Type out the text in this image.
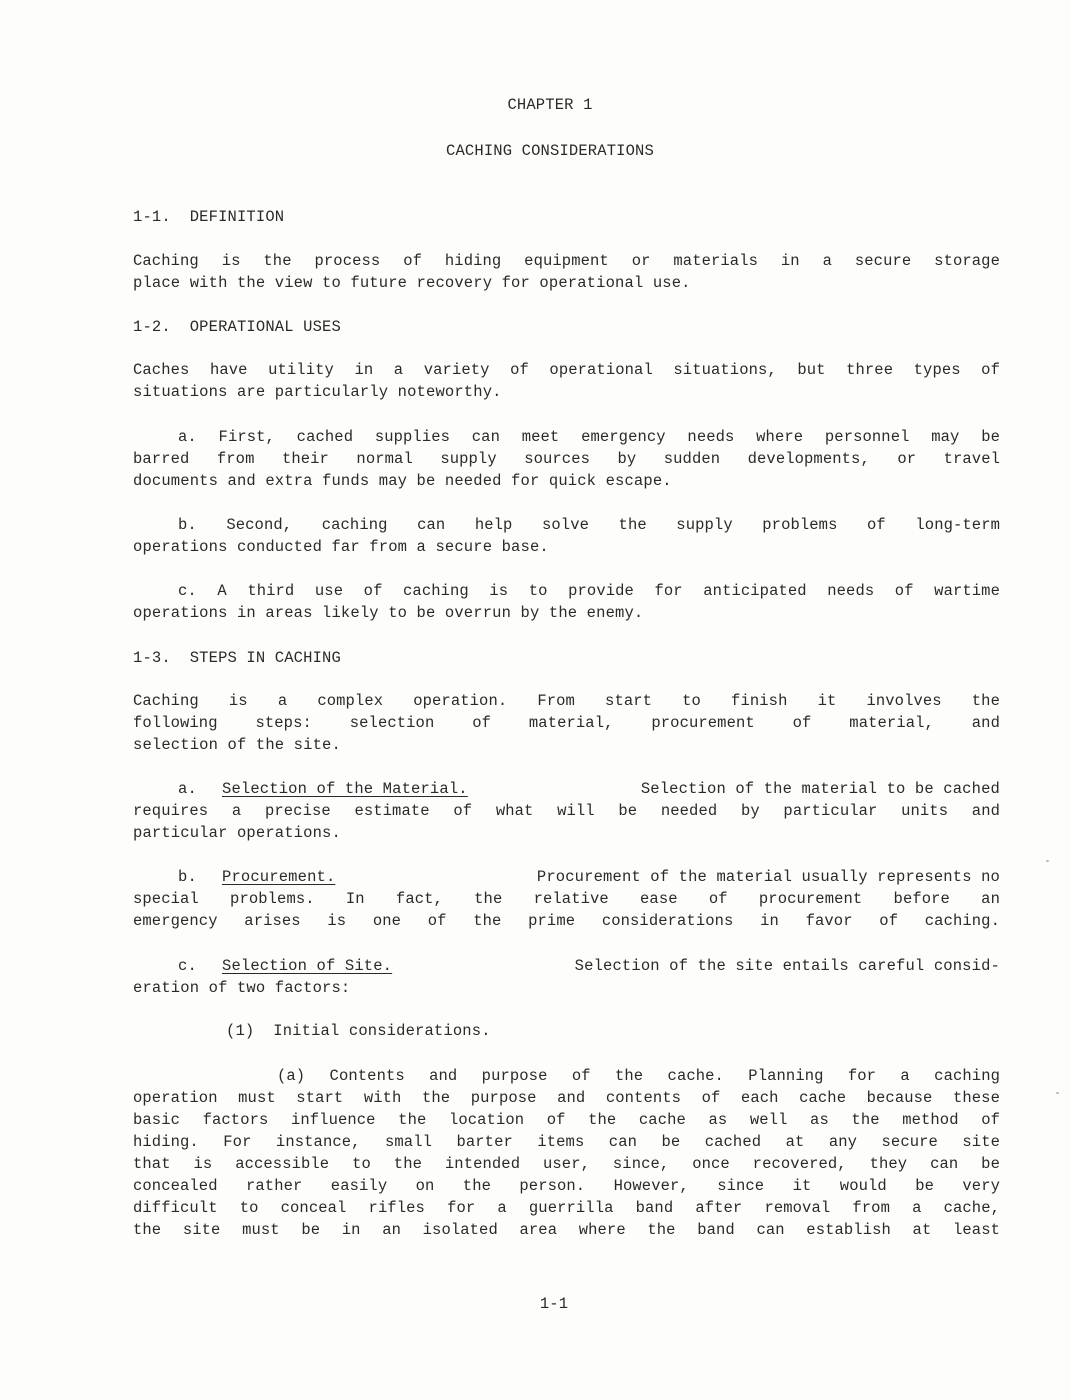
CHAPTER 1
CACHING CONSIDERATIONS
1-1.  DEFINITION
Caching is the process of hiding equipment or materials in a secure storage
place with the view to future recovery for operational use.
1-2.  OPERATIONAL USES
Caches have utility in a variety of operational situations, but three types of
situations are particularly noteworthy.
a. First, cached supplies can meet emergency needs where personnel may be
barred from their normal supply sources by sudden developments, or travel
documents and extra funds may be needed for quick escape.
b. Second, caching can help solve the supply problems of long-term
operations conducted far from a secure base.
c. A third use of caching is to provide for anticipated needs of wartime
operations in areas likely to be overrun by the enemy.
1-3.  STEPS IN CACHING
Caching is a complex operation. From start to finish it involves the
following steps: selection of material, procurement of material, and
selection of the site.
a. Selection of the Material.	Selection of the material to be cached
requires a precise estimate of what will be needed by particular units and
particular operations.
b. Procurement.	Procurement of the material usually represents no
special problems. In fact, the relative ease of procurement before an
emergency arises is one of the prime considerations in favor of caching.
c. Selection of Site.	Selection of the site entails careful consid-
eration of two factors:
(1)  Initial considerations.
(a) Contents and purpose of the cache. Planning for a caching
operation must start with the purpose and contents of each cache because these
basic factors influence the location of the cache as well as the method of
hiding. For instance, small barter items can be cached at any secure site
that is accessible to the intended user, since, once recovered, they can be
concealed rather easily on the person. However, since it would be very
difficult to conceal rifles for a guerrilla band after removal from a cache,
the site must be in an isolated area where the band can establish at least
1-1
